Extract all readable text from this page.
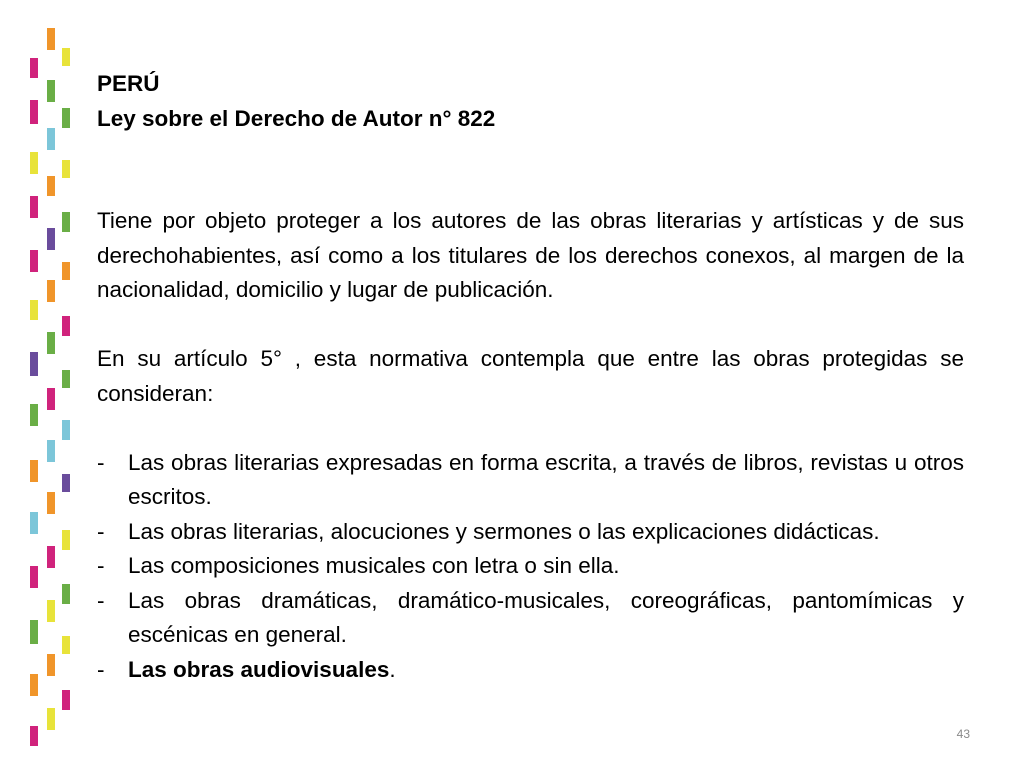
PERÚ
Ley sobre el Derecho de Autor n° 822

Tiene por objeto proteger a los autores de las obras literarias y artísticas y de sus derechohabientes, así como a los titulares de los derechos conexos, al margen de la nacionalidad, domicilio y lugar de publicación.

En su artículo 5° , esta normativa contempla que entre las obras protegidas se consideran:

- Las obras literarias expresadas en forma escrita, a través de libros, revistas u otros escritos.
- Las obras literarias, alocuciones y sermones o las explicaciones didácticas.
- Las composiciones musicales con letra o sin ella.
- Las obras dramáticas, dramático-musicales, coreográficas, pantomímicas y escénicas en general.
- Las obras audiovisuales.
43
